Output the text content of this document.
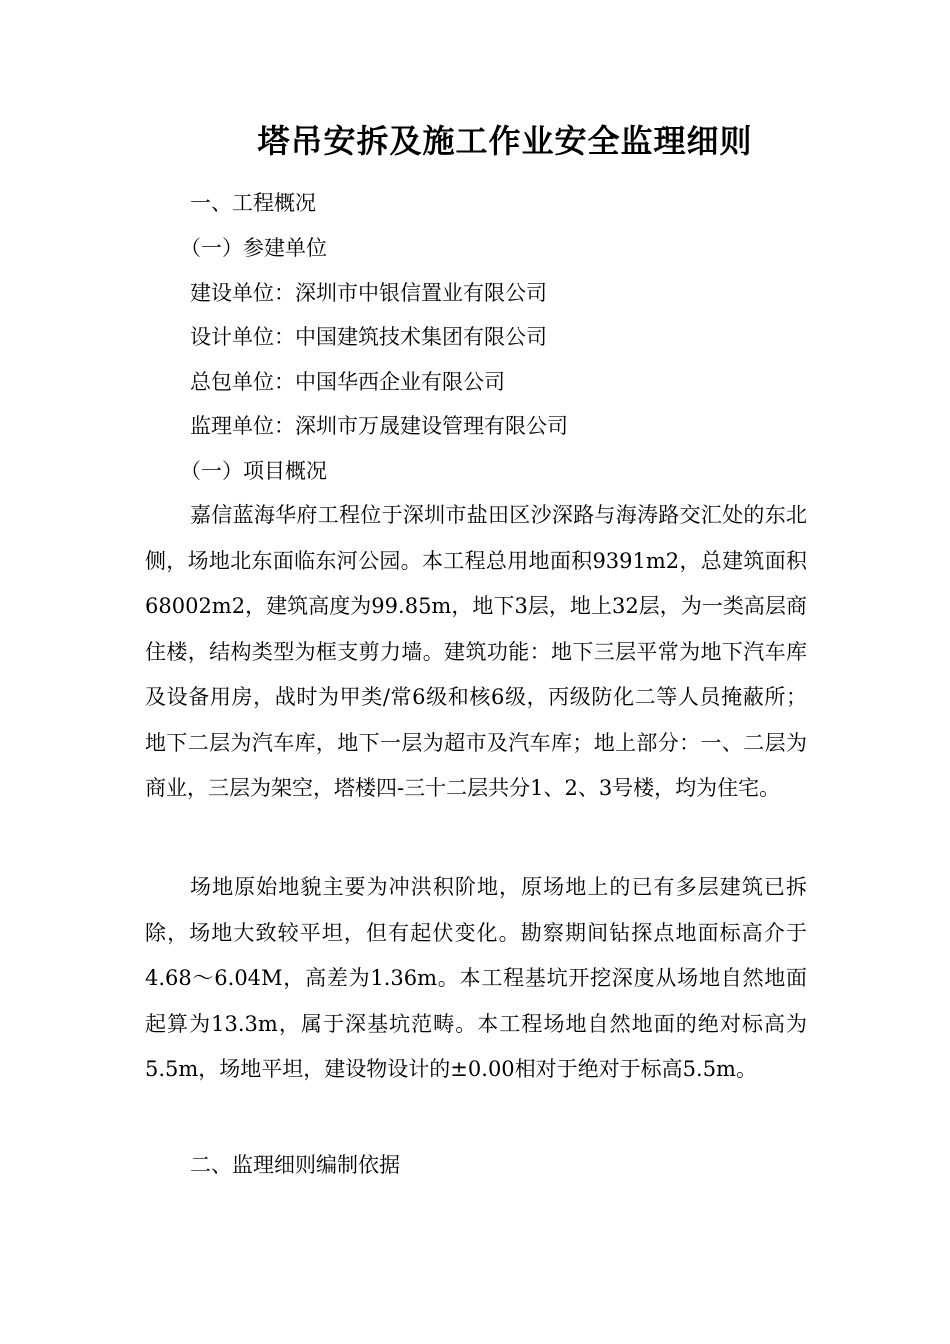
塔吊安拆及施工作业安全监理细则
一、工程概况
（一）参建单位
建设单位：深圳市中银信置业有限公司
设计单位：中国建筑技术集团有限公司
总包单位：中国华西企业有限公司
监理单位：深圳市万晟建设管理有限公司
（一）项目概况

嘉信蓝海华府工程位于深圳市盐田区沙深路与海涛路交汇处的东北侧，场地北东面临东河公园。本工程总用地面积9391m2，总建筑面积68002m2，建筑高度为99.85m，地下3层，地上32层，为一类高层商住楼，结构类型为框支剪力墙。建筑功能：地下三层平常为地下汽车库及设备用房，战时为甲类/常6级和核6级，丙级防化二等人员掩蔽所；地下二层为汽车库，地下一层为超市及汽车库；地上部分：一、二层为商业，三层为架空，塔楼四-三十二层共分1、2、3号楼，均为住宅。

场地原始地貌主要为冲洪积阶地，原场地上的已有多层建筑已拆除，场地大致较平坦，但有起伏变化。勘察期间钻探点地面标高介于4.68～6.04M，高差为1.36m。本工程基坑开挖深度从场地自然地面起算为13.3m，属于深基坑范畴。本工程场地自然地面的绝对标高为5.5m，场地平坦，建设物设计的±0.00相对于绝对于标高5.5m。

二、监理细则编制依据
